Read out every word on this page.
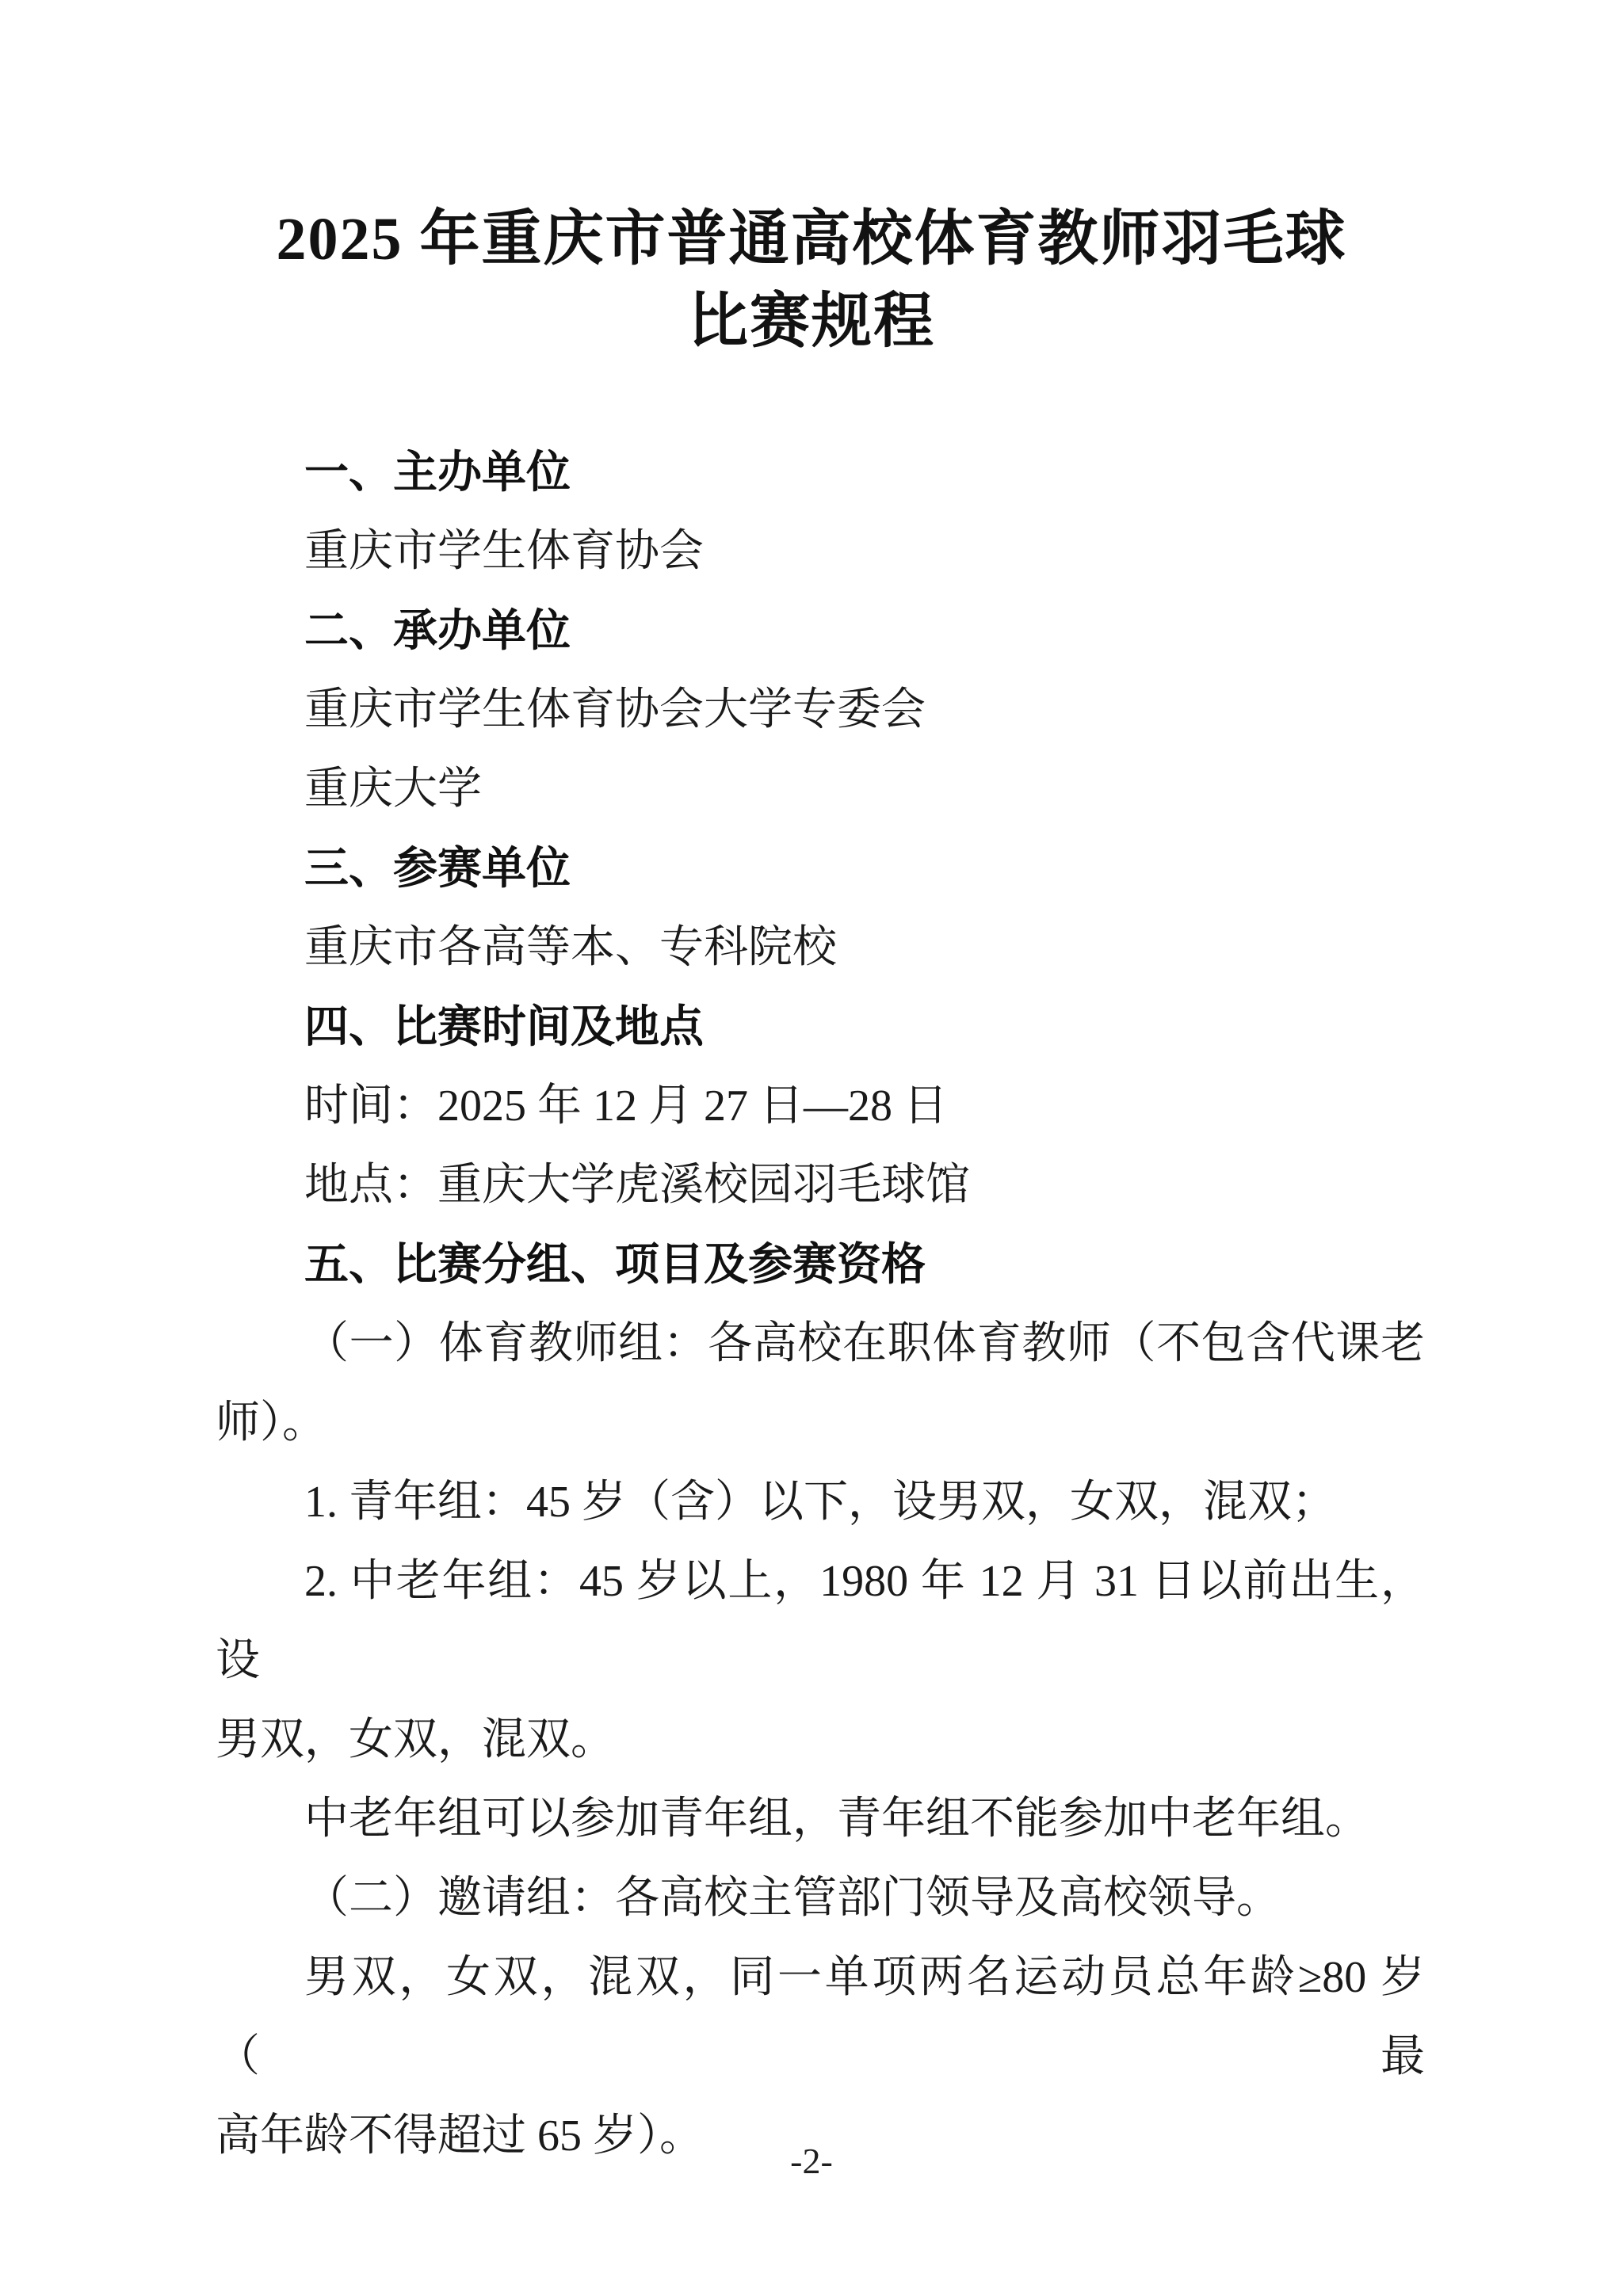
2025 年重庆市普通高校体育教师羽毛球
比赛规程
一、主办单位
重庆市学生体育协会
二、承办单位
重庆市学生体育协会大学专委会
重庆大学
三、参赛单位
重庆市各高等本、专科院校
四、比赛时间及地点
时间：2025 年 12 月 27 日—28 日
地点：重庆大学虎溪校园羽毛球馆
五、比赛分组、项目及参赛资格
（一）体育教师组：各高校在职体育教师（不包含代课老
师）。
1. 青年组：45 岁（含）以下，设男双，女双，混双；
2. 中老年组：45 岁以上，1980 年 12 月 31 日以前出生，设
男双，女双，混双。
中老年组可以参加青年组，青年组不能参加中老年组。
（二）邀请组：各高校主管部门领导及高校领导。
男双，女双，混双，同一单项两名运动员总年龄≥80 岁（最
高年龄不得超过 65 岁）。
-2-
